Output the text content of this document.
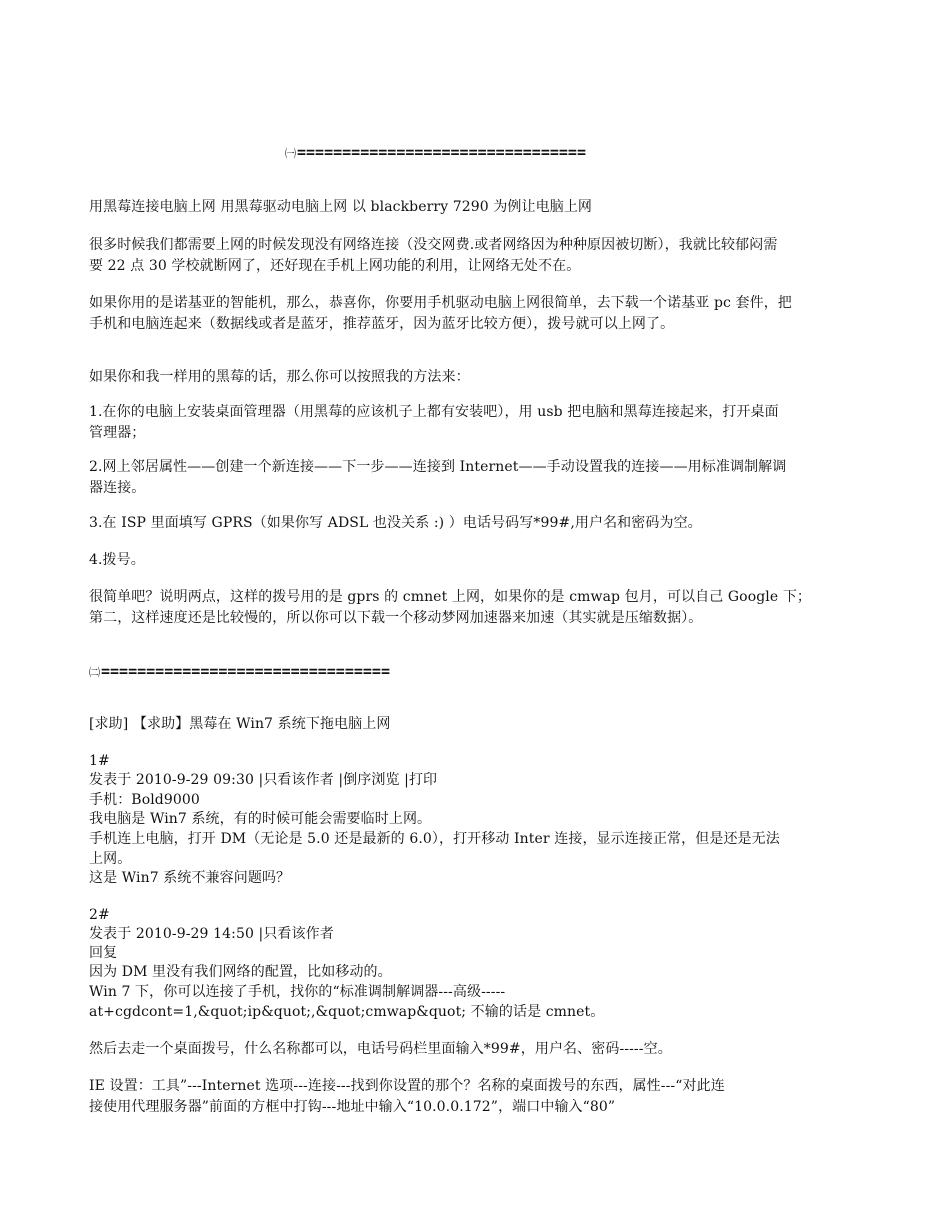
㈠================================
用黑莓连接电脑上网 用黑莓驱动电脑上网 以 blackberry 7290 为例让电脑上网
很多时候我们都需要上网的时候发现没有网络连接（没交网费.或者网络因为种种原因被切断），我就比较郁闷需
要 22 点 30 学校就断网了，还好现在手机上网功能的利用，让网络无处不在。
如果你用的是诺基亚的智能机，那么，恭喜你，你要用手机驱动电脑上网很简单，去下载一个诺基亚 pc 套件，把
手机和电脑连起来（数据线或者是蓝牙，推荐蓝牙，因为蓝牙比较方便），拨号就可以上网了。
如果你和我一样用的黑莓的话，那么你可以按照我的方法来：
1.在你的电脑上安装桌面管理器（用黑莓的应该机子上都有安装吧），用 usb 把电脑和黑莓连接起来，打开桌面
管理器；
2.网上邻居属性——创建一个新连接——下一步——连接到 Internet——手动设置我的连接——用标准调制解调
器连接。
3.在 ISP 里面填写 GPRS（如果你写 ADSL 也没关系 :) ）电话号码写*99#,用户名和密码为空。
4.拨号。
很简单吧？说明两点，这样的拨号用的是 gprs 的 cmnet 上网，如果你的是 cmwap 包月，可以自己 Google 下；
第二，这样速度还是比较慢的，所以你可以下载一个移动梦网加速器来加速（其实就是压缩数据）。
㈡================================
[求助] 【求助】黑莓在 Win7 系统下拖电脑上网
1#
发表于 2010-9-29 09:30 |只看该作者 |倒序浏览 |打印
手机：Bold9000
我电脑是 Win7 系统，有的时候可能会需要临时上网。
手机连上电脑，打开 DM（无论是 5.0 还是最新的 6.0），打开移动 Inter 连接，显示连接正常，但是还是无法
上网。
这是 Win7 系统不兼容问题吗？
2#
发表于 2010-9-29 14:50 |只看该作者
回复
因为 DM 里没有我们网络的配置，比如移动的。
Win 7 下，你可以连接了手机，找你的“标准调制解调器---高级-----
at+cgdcont=1,&quot;ip&quot;,&quot;cmwap&quot; 不输的话是 cmnet。
然后去走一个桌面拨号，什么名称都可以，电话号码栏里面输入*99#，用户名、密码-----空。
IE 设置：工具”---Internet 选项---连接---找到你设置的那个？名称的桌面拨号的东西，属性---“对此连
接使用代理服务器”前面的方框中打钩---地址中输入“10.0.0.172”，端口中输入“80”
